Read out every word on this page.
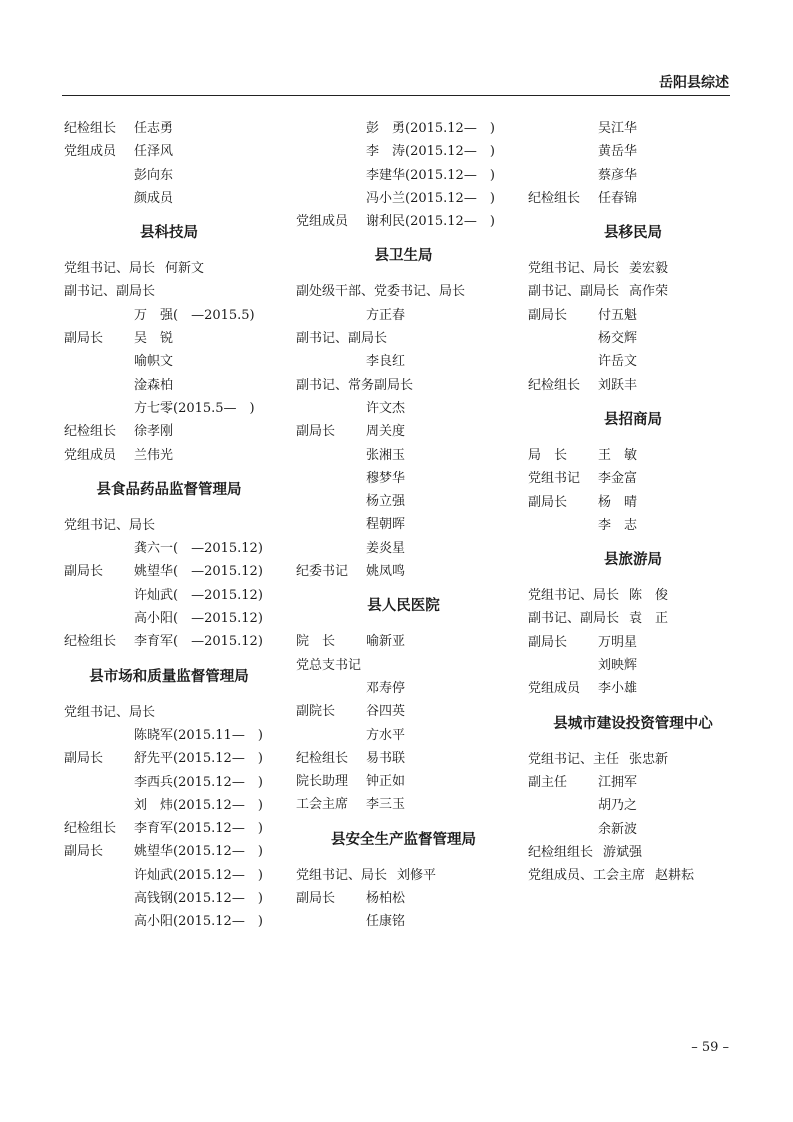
岳阳县综述
纪检组长 任志勇
党组成员 任泽风
彭向东
颜成员
县科技局
党组书记、局长 何新文
副书记、副局长
万　强(　—2015.5)
副局长 吴　锐
喻帜文
淦森柏
方七零(2015.5—　)
纪检组长 徐孝刚
党组成员 兰伟光
县食品药品监督管理局
党组书记、局长
龚六一(　—2015.12)
副局长 姚望华(　—2015.12)
许灿武(　—2015.12)
高小阳(　—2015.12)
纪检组长 李育军(　—2015.12)
县市场和质量监督管理局
党组书记、局长
陈晓军(2015.11—　)
副局长 舒先平(2015.12—　)
李西兵(2015.12—　)
刘　炜(2015.12—　)
纪检组长 李育军(2015.12—　)
副局长 姚望华(2015.12—　)
许灿武(2015.12—　)
高钱钢(2015.12—　)
高小阳(2015.12—　)
彭　勇(2015.12—　)
李　涛(2015.12—　)
李建华(2015.12—　)
冯小兰(2015.12—　)
党组成员 谢利民(2015.12—　)
县卫生局
副处级干部、党委书记、局长
方正春
副书记、副局长
李良红
副书记、常务副局长
许文杰
副局长 周关度
张湘玉
穆梦华
杨立强
程朝晖
姜炎星
纪委书记 姚凤鸣
县人民医院
院　长 喻新亚
党总支书记
邓寿停
副院长 谷四英
方水平
纪检组长 易书联
院长助理 钟正如
工会主席 李三玉
县安全生产监督管理局
党组书记、局长 刘修平
副局长 杨柏松
任康铭
吴江华
黄岳华
蔡彦华
纪检组长 任春锦
县移民局
党组书记、局长 姜宏毅
副书记、副局长 高作荣
副局长 付五魁
杨交辉
许岳文
纪检组长 刘跃丰
县招商局
局　长 王　敏
党组书记 李金富
副局长 杨　晴
李　志
县旅游局
党组书记、局长 陈　俊
副书记、副局长 袁　正
副局长 万明星
刘映辉
党组成员 李小雄
县城市建设投资管理中心
党组书记、主任 张忠新
副主任 江拥军
胡乃之
余新波
纪检组组长 游斌强
党组成员、工会主席 赵耕耘
– 59 –
